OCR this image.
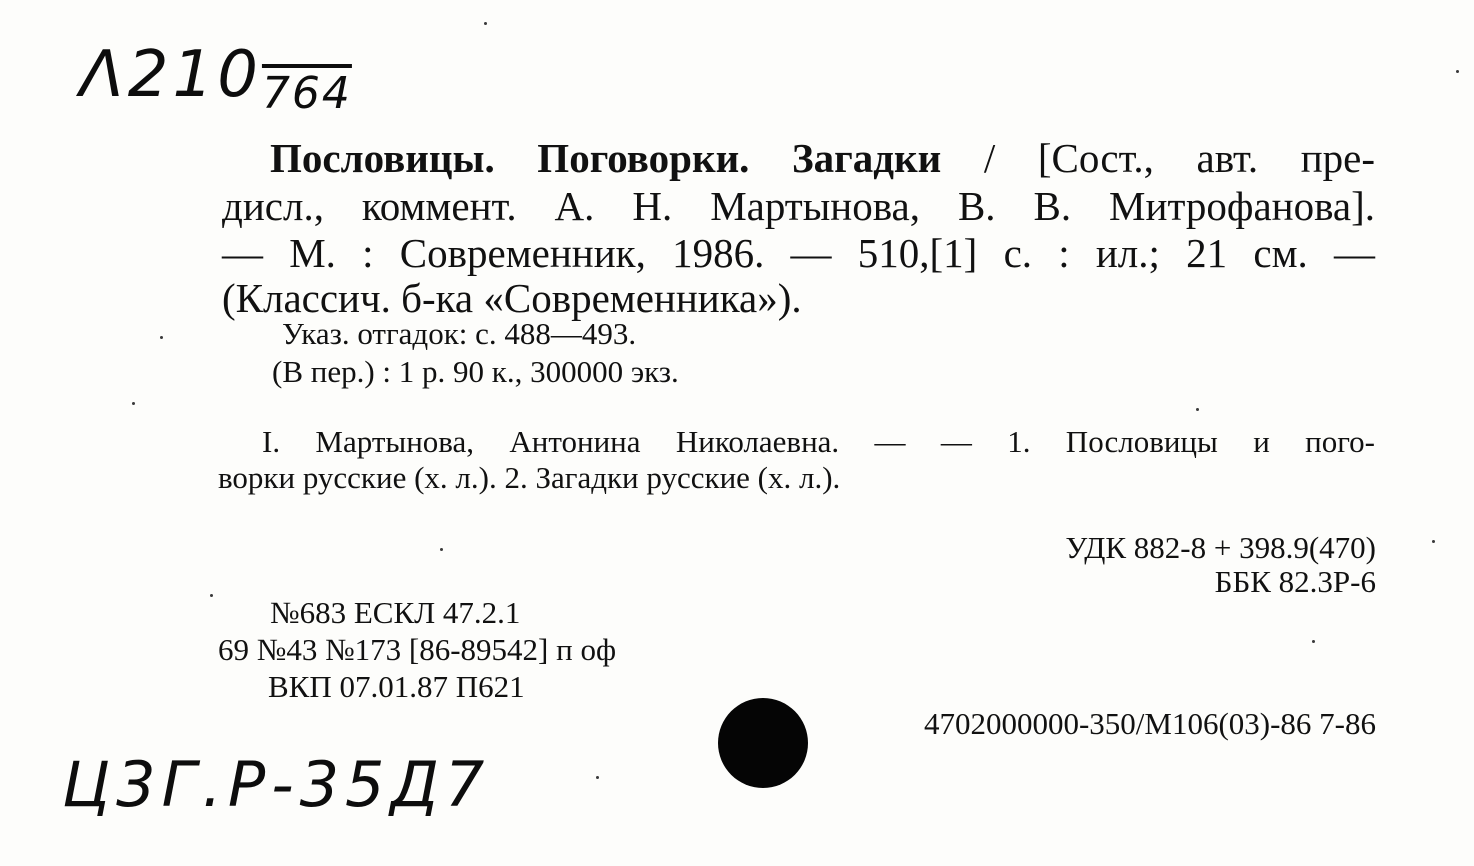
$\Lambda 210_{764}$
Пословицы. Поговорки. Загадки / [Сост., авт. пре-
дисл., коммент. А. Н. Мартынова, В. В. Митрофанова].
— М. : Современник, 1986. — 510,[1] с. : ил.; 21 см. —
(Классич. б-ка «Современника»).
Указ. отгадок: с. 488—493.
(В пер.) : 1 р. 90 к., 300000 экз.
I. Мартынова, Антонина Николаевна. — — 1. Пословицы и пого-
ворки русские (х. л.). 2. Загадки русские (х. л.).
УДК 882-8 + 398.9(470)
ББК 82.3Р-6
№683 ЕСКЛ 47.2.1
69 №43 №173 [86-89542] п оф
ВКП 07.01.87 П621
4702000000-350/М106(03)-86 7-86
Ц3Г.Р-35Д7
